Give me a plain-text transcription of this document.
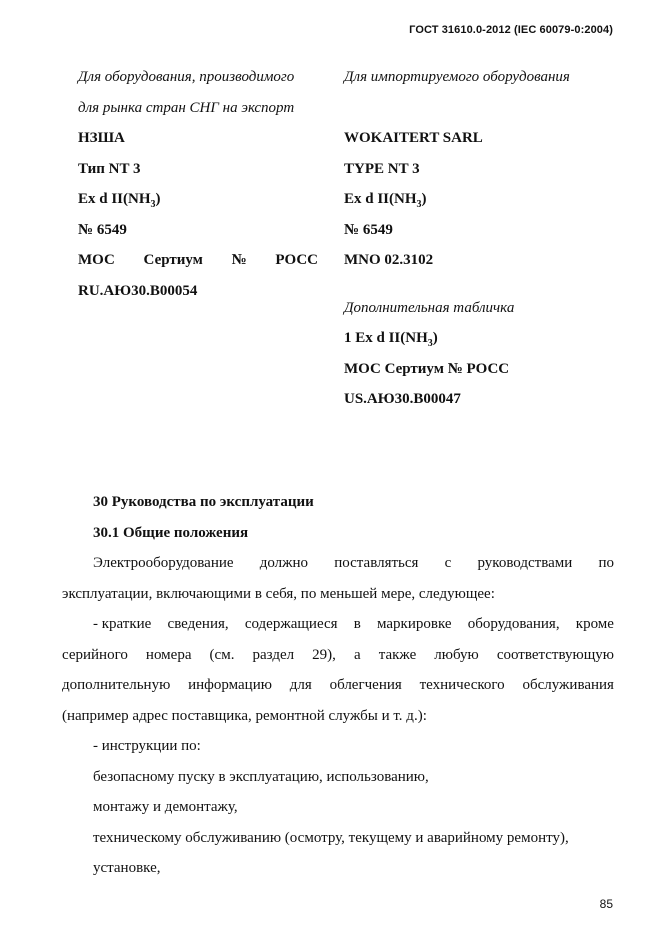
ГОСТ 31610.0-2012 (IEC 60079-0:2004)
Для оборудования, производимого
для рынка стран СНГ на экспорт
НЗША
Тип NT 3
Ex d $II(NH_3)$
№ 6549
МОС Сертиум № РОСС
RU.АЮ30.В00054
Для импортируемого оборудования
WOKAITERT SARL
TYPE NT 3
Ex d $II(NH_3)$
№ 6549
MNO 02.3102
Дополнительная табличка
1 Ex d $II(NH_3)$
МОС Сертиум № РОСС
US.АЮ30.В00047
30 Руководства по эксплуатации
30.1 Общие положения
Электрооборудование должно поставляться с руководствами по
эксплуатации, включающими в себя, по меньшей мере, следующее:
- краткие сведения, содержащиеся в маркировке оборудования, кроме
серийного номера (см. раздел 29), а также любую соответствующую
дополнительную информацию для облегчения технического обслуживания
(например адрес поставщика, ремонтной службы и т. д.):
- инструкции по:
безопасному пуску в эксплуатацию, использованию,
монтажу и демонтажу,
техническому обслуживанию (осмотру, текущему и аварийному ремонту),
установке,
85
